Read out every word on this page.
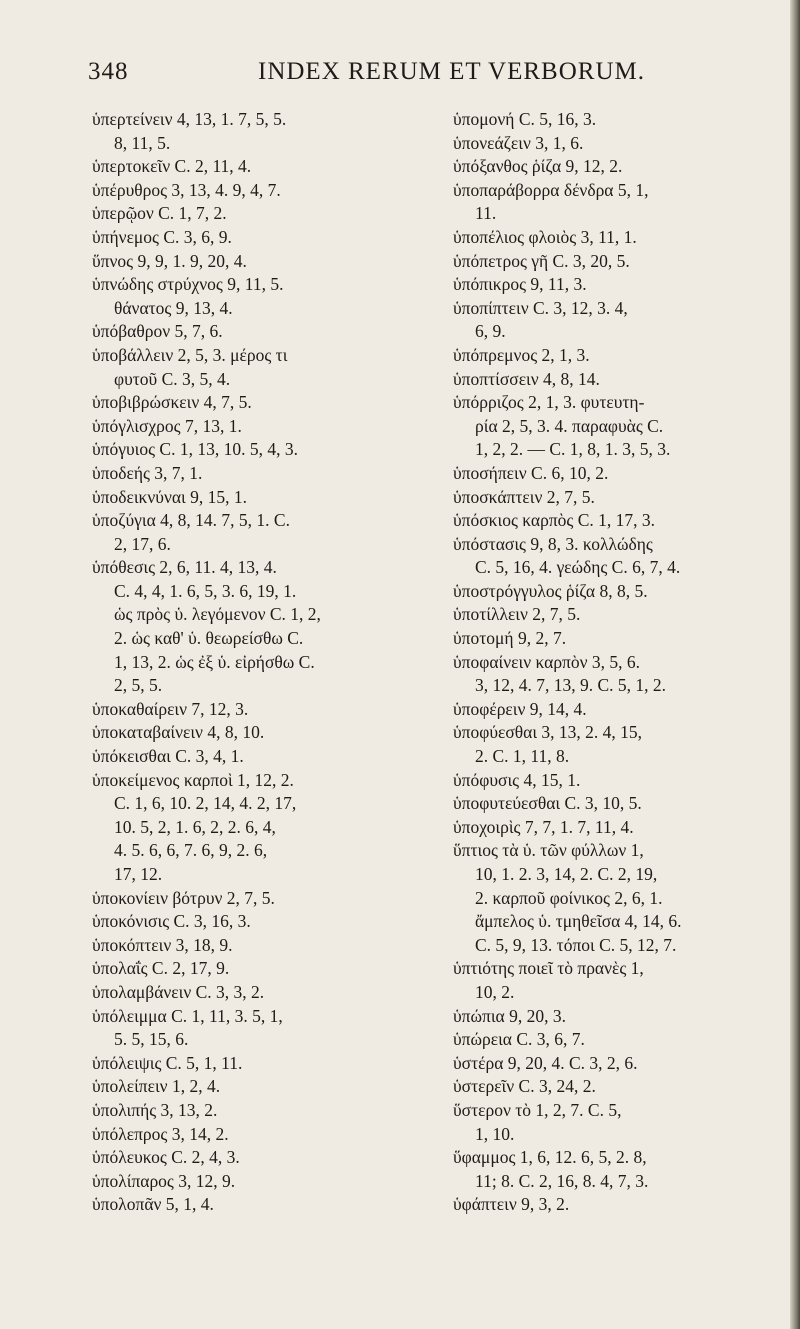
348	INDEX RERUM ET VERBORUM.
ὑπερτείνειν 4, 13, 1. 7, 5, 5.
8, 11, 5.
ὑπερτοκεῖν C. 2, 11, 4.
ὑπέρυθρος 3, 13, 4. 9, 4, 7.
ὑπερῷον C. 1, 7, 2.
ὑπήνεμος C. 3, 6, 9.
ὕπνος 9, 9, 1. 9, 20, 4.
ὑπνώδης στρύχνος 9, 11, 5.
θάνατος 9, 13, 4.
ὑπόβαθρον 5, 7, 6.
ὑποβάλλειν 2, 5, 3. μέρος τι
φυτοῦ C. 3, 5, 4.
ὑποβιβρώσκειν 4, 7, 5.
ὑπόγλισχρος 7, 13, 1.
ὑπόγυιος C. 1, 13, 10. 5, 4, 3.
ὑποδεής 3, 7, 1.
ὑποδεικνύναι 9, 15, 1.
ὑποζύγια 4, 8, 14. 7, 5, 1. C.
2, 17, 6.
ὑπόθεσις 2, 6, 11. 4, 13, 4.
C. 4, 4, 1. 6, 5, 3. 6, 19, 1.
ὡς πρὸς ὑ. λεγόμενον C. 1, 2,
2. ὡς καθ' ὑ. θεωρείσθω C.
1, 13, 2. ὡς ἐξ ὑ. εἰρήσθω C.
2, 5, 5.
ὑποκαθαίρειν 7, 12, 3.
ὑποκαταβαίνειν 4, 8, 10.
ὑπόκεισθαι C. 3, 4, 1.
ὑποκείμενος καρποὶ 1, 12, 2.
C. 1, 6, 10. 2, 14, 4. 2, 17,
10. 5, 2, 1. 6, 2, 2. 6, 4,
4. 5. 6, 6, 7. 6, 9, 2. 6,
17, 12.
ὑποκονίειν βότρυν 2, 7, 5.
ὑποκόνισις C. 3, 16, 3.
ὑποκόπτειν 3, 18, 9.
ὑπολαΐς C. 2, 17, 9.
ὑπολαμβάνειν C. 3, 3, 2.
ὑπόλειμμα C. 1, 11, 3. 5, 1,
5. 5, 15, 6.
ὑπόλειψις C. 5, 1, 11.
ὑπολείπειν 1, 2, 4.
ὑπολιπής 3, 13, 2.
ὑπόλεπρος 3, 14, 2.
ὑπόλευκος C. 2, 4, 3.
ὑπολίπαρος 3, 12, 9.
ὑπολοπᾶν 5, 1, 4.
ὑπομονή C. 5, 16, 3.
ὑπονεάζειν 3, 1, 6.
ὑπόξανθος ῥίζα 9, 12, 2.
ὑποπαράβορρα δένδρα 5, 1,
11.
ὑποπέλιος φλοιὸς 3, 11, 1.
ὑπόπετρος γῆ C. 3, 20, 5.
ὑπόπικρος 9, 11, 3.
ὑποπίπτειν C. 3, 12, 3. 4,
6, 9.
ὑπόπρεμνος 2, 1, 3.
ὑποπτίσσειν 4, 8, 14.
ὑπόρριζος 2, 1, 3. φυτευτη-
ρία 2, 5, 3. 4. παραφυὰς C.
1, 2, 2. — C. 1, 8, 1. 3, 5, 3.
ὑποσήπειν C. 6, 10, 2.
ὑποσκάπτειν 2, 7, 5.
ὑπόσκιος καρπὸς C. 1, 17, 3.
ὑπόστασις 9, 8, 3. κολλώδης
C. 5, 16, 4. γεώδης C. 6, 7, 4.
ὑποστρόγγυλος ῥίζα 8, 8, 5.
ὑποτίλλειν 2, 7, 5.
ὑποτομή 9, 2, 7.
ὑποφαίνειν καρπὸν 3, 5, 6.
3, 12, 4. 7, 13, 9. C. 5, 1, 2.
ὑποφέρειν 9, 14, 4.
ὑποφύεσθαι 3, 13, 2. 4, 15,
2. C. 1, 11, 8.
ὑπόφυσις 4, 15, 1.
ὑποφυτεύεσθαι C. 3, 10, 5.
ὑποχοιρὶς 7, 7, 1. 7, 11, 4.
ὕπτιος τὰ ὑ. τῶν φύλλων 1,
10, 1. 2. 3, 14, 2. C. 2, 19,
2. καρποῦ φοίνικος 2, 6, 1.
ἄμπελος ὑ. τμηθεῖσα 4, 14, 6.
C. 5, 9, 13. τόποι C. 5, 12, 7.
ὑπτιότης ποιεῖ τὸ πρανὲς 1,
10, 2.
ὑπώπια 9, 20, 3.
ὑπώρεια C. 3, 6, 7.
ὑστέρα 9, 20, 4. C. 3, 2, 6.
ὑστερεῖν C. 3, 24, 2.
ὕστερον τὸ 1, 2, 7. C. 5,
1, 10.
ὕφαμμος 1, 6, 12. 6, 5, 2. 8,
11; 8. C. 2, 16, 8. 4, 7, 3.
ὑφάπτειν 9, 3, 2.
